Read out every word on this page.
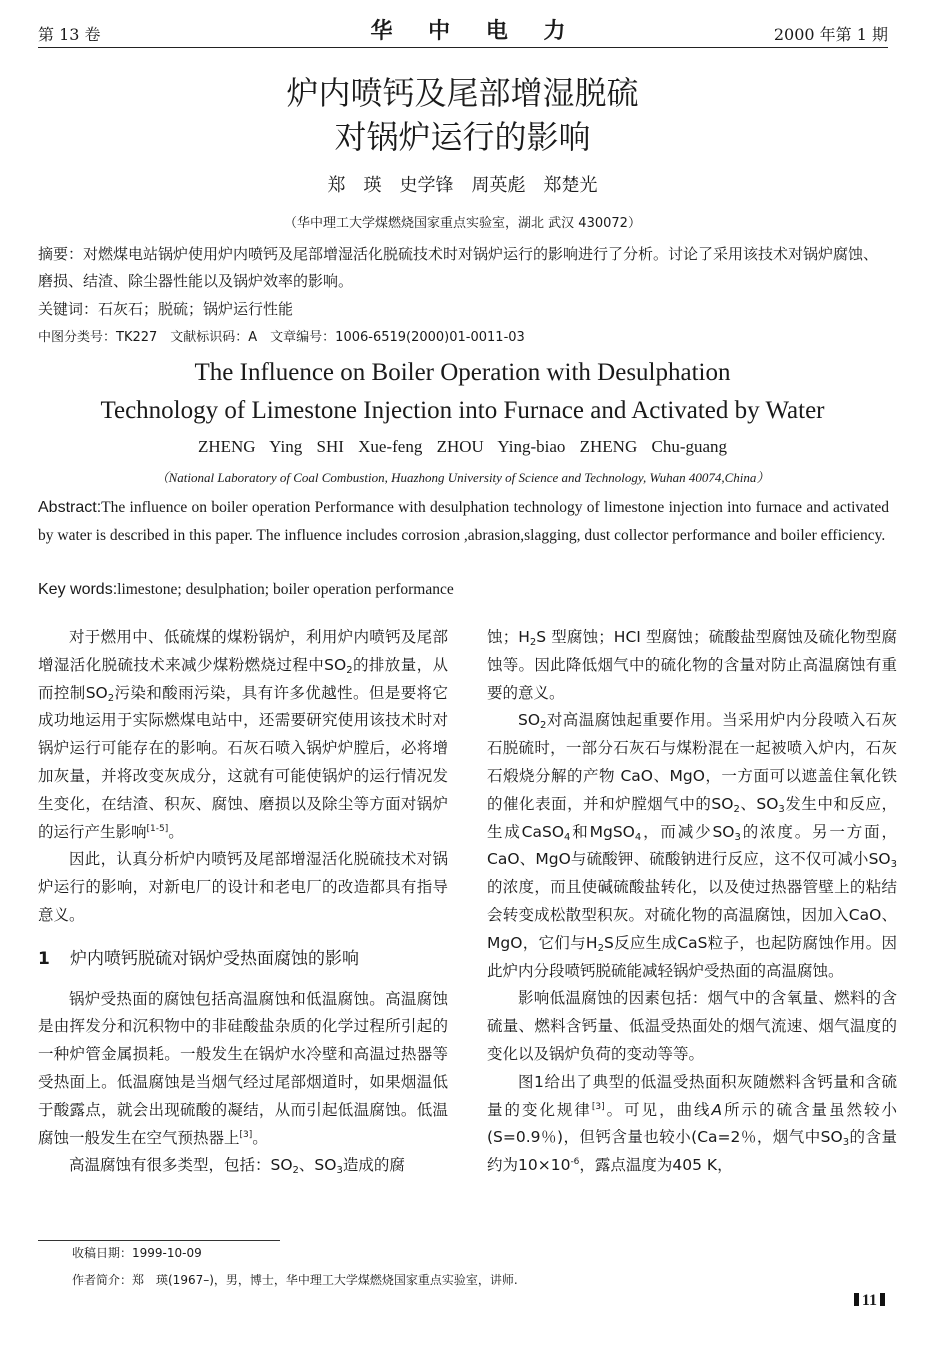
第 13 卷	华 中 电 力	2000 年第 1 期
炉内喷钙及尾部增湿脱硫
对锅炉运行的影响
郑　瑛　史学锋　周英彪　郑楚光
（华中理工大学煤燃烧国家重点实验室，湖北 武汉 430072）
摘要：对燃煤电站锅炉使用炉内喷钙及尾部增湿活化脱硫技术时对锅炉运行的影响进行了分析。讨论了采用该技术对锅炉腐蚀、磨损、结渣、除尘器性能以及锅炉效率的影响。
关键词：石灰石；脱硫；锅炉运行性能
中图分类号：TK227　文献标识码：A　文章编号：1006-6519(2000)01-0011-03
The Influence on Boiler Operation with Desulphation
Technology of Limestone Injection into Furnace and Activated by Water
ZHENG Ying SHI Xue-feng ZHOU Ying-biao ZHENG Chu-guang
（National Laboratory of Coal Combustion, Huazhong University of Science and Technology, Wuhan 40074,China）
Abstract:The influence on boiler operation Performance with desulphation technology of limestone injection into furnace and activated by water is described in this paper. The influence includes corrosion ,abrasion,slagging, dust collector performance and boiler efficiency.
Key words:limestone; desulphation; boiler operation performance

对于燃用中、低硫煤的煤粉锅炉，利用炉内喷钙及尾部增湿活化脱硫技术来减少煤粉燃烧过程中$SO_2$的排放量，从而控制$SO_2$污染和酸雨污染，具有许多优越性。但是要将它成功地运用于实际燃煤电站中，还需要研究使用该技术时对锅炉运行可能存在的影响。石灰石喷入锅炉炉膛后，必将增加灰量，并将改变灰成分，这就有可能使锅炉的运行情况发生变化，在结渣、积灰、腐蚀、磨损以及除尘等方面对锅炉的运行产生影响[1-5]。

因此，认真分析炉内喷钙及尾部增湿活化脱硫技术对锅炉运行的影响，对新电厂的设计和老电厂的改造都具有指导意义。

1 炉内喷钙脱硫对锅炉受热面腐蚀的影响

锅炉受热面的腐蚀包括高温腐蚀和低温腐蚀。高温腐蚀是由挥发分和沉积物中的非硅酸盐杂质的化学过程所引起的一种炉管金属损耗。一般发生在锅炉水冷壁和高温过热器等受热面上。低温腐蚀是当烟气经过尾部烟道时，如果烟温低于酸露点，就会出现硫酸的凝结，从而引起低温腐蚀。低温腐蚀一般发生在空气预热器上[3]。

高温腐蚀有很多类型，包括：$SO_2$、$SO_3$造成的腐

蚀；$H_2S$ 型腐蚀；HCI 型腐蚀；硫酸盐型腐蚀及硫化物型腐蚀等。因此降低烟气中的硫化物的含量对防止高温腐蚀有重要的意义。

$SO_2$对高温腐蚀起重要作用。当采用炉内分段喷入石灰石脱硫时，一部分石灰石与煤粉混在一起被喷入炉内，石灰石煅烧分解的产物 CaO、MgO，一方面可以遮盖住氧化铁的催化表面，并和炉膛烟气中的$SO_2$、$SO_3$发生中和反应，生成CaSO$_4$和MgSO$_4$，而减少$SO_3$的浓度。另一方面，CaO、MgO与硫酸钾、硫酸钠进行反应，这不仅可减小$SO_3$的浓度，而且使碱硫酸盐转化，以及使过热器管壁上的粘结会转变成松散型积灰。对硫化物的高温腐蚀，因加入CaO、MgO，它们与$H_2S$反应生成CaS粒子，也起防腐蚀作用。因此炉内分段喷钙脱硫能减轻锅炉受热面的高温腐蚀。

影响低温腐蚀的因素包括：烟气中的含氧量、燃料的含硫量、燃料含钙量、低温受热面处的烟气流速、烟气温度的变化以及锅炉负荷的变动等等。

图1给出了典型的低温受热面积灰随燃料含钙量和含硫量的变化规律[3]。可见，曲线A所示的硫含量虽然较小(S=0.9％)，但钙含量也较小(Ca=2％，烟气中$SO_3$的含量约为$10\times 10^{-6}$，露点温度为405 K，

收稿日期：1999-10-09
作者简介：郑　瑛(1967–)，男，博士，华中理工大学煤燃烧国家重点实验室，讲师.
11
